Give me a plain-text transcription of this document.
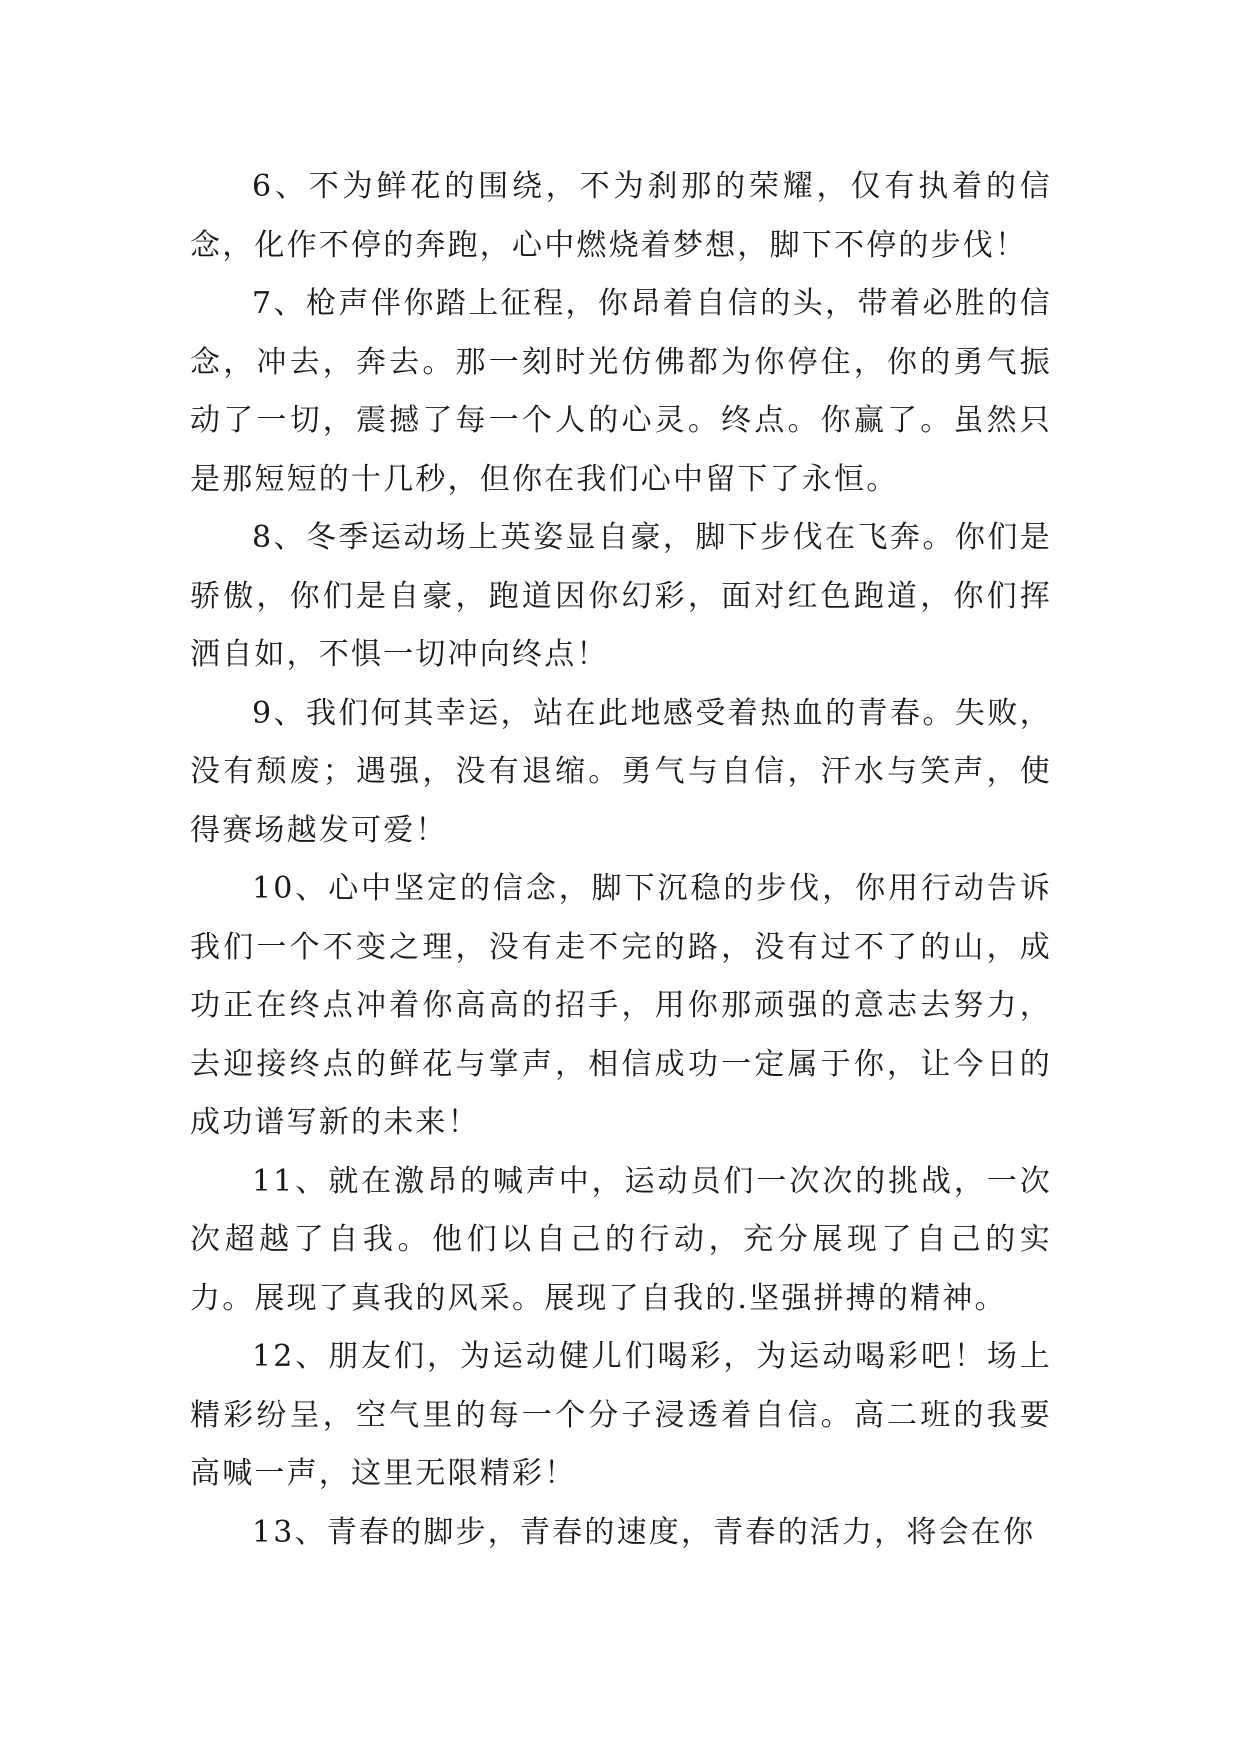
6、不为鲜花的围绕，不为刹那的荣耀，仅有执着的信念，化作不停的奔跑，心中燃烧着梦想，脚下不停的步伐！

7、枪声伴你踏上征程，你昂着自信的头，带着必胜的信念，冲去，奔去。那一刻时光仿佛都为你停住，你的勇气振动了一切，震撼了每一个人的心灵。终点。你赢了。虽然只是那短短的十几秒，但你在我们心中留下了永恒。

8、冬季运动场上英姿显自豪，脚下步伐在飞奔。你们是骄傲，你们是自豪，跑道因你幻彩，面对红色跑道，你们挥洒自如，不惧一切冲向终点！

9、我们何其幸运，站在此地感受着热血的青春。失败，没有颓废；遇强，没有退缩。勇气与自信，汗水与笑声，使得赛场越发可爱！

10、心中坚定的信念，脚下沉稳的步伐，你用行动告诉我们一个不变之理，没有走不完的路，没有过不了的山，成功正在终点冲着你高高的招手，用你那顽强的意志去努力，去迎接终点的鲜花与掌声，相信成功一定属于你，让今日的成功谱写新的未来！

11、就在激昂的喊声中，运动员们一次次的挑战，一次次超越了自我。他们以自己的行动，充分展现了自己的实力。展现了真我的风采。展现了自我的.坚强拼搏的精神。

12、朋友们，为运动健儿们喝彩，为运动喝彩吧！场上精彩纷呈，空气里的每一个分子浸透着自信。高二班的我要高喊一声，这里无限精彩！

13、青春的脚步，青春的速度，青春的活力，将会在你
